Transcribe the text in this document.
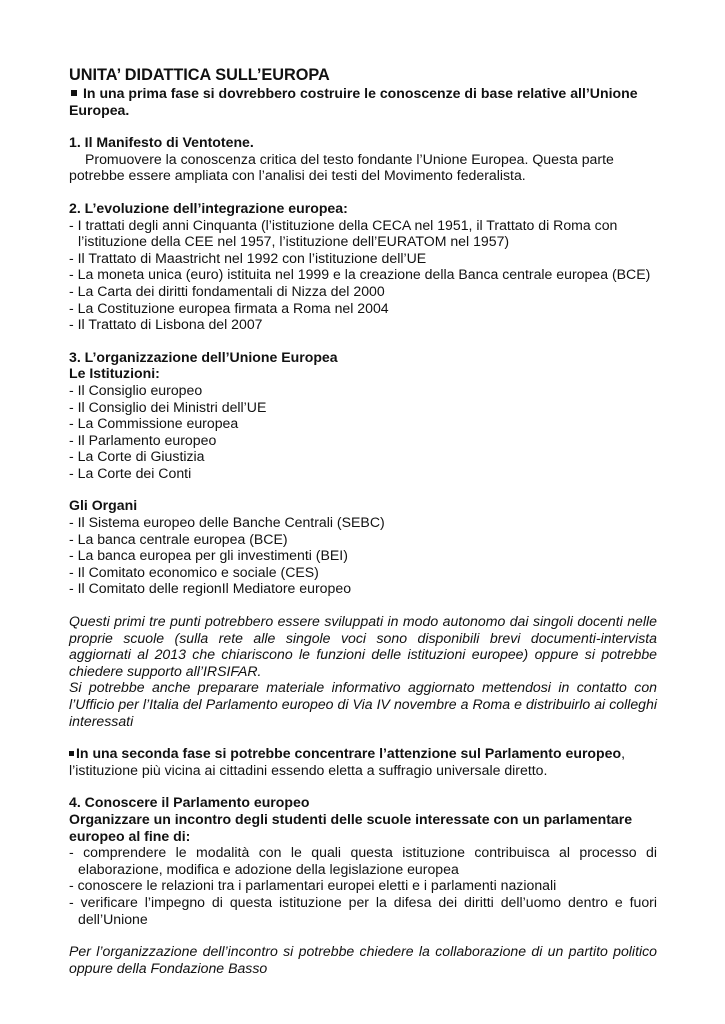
UNITA’ DIDATTICA SULL’EUROPA

In una prima fase si dovrebbero costruire le conoscenze di base relative all’Unione Europea.

1. Il Manifesto di Ventotene.

Promuovere la conoscenza critica del testo fondante l’Unione Europea. Questa parte potrebbe essere ampliata con l’analisi dei testi del Movimento federalista.

2. L’evoluzione dell’integrazione europea:

- I trattati degli anni Cinquanta (l’istituzione della CECA nel 1951, il Trattato di Roma con l’istituzione della CEE nel 1957, l’istituzione dell’EURATOM nel 1957)
- Il Trattato di Maastricht nel 1992 con l’istituzione dell’UE
- La moneta unica (euro) istituita nel 1999 e la creazione della Banca centrale europea (BCE)
- La Carta dei diritti fondamentali di Nizza del 2000
- La Costituzione europea firmata a Roma nel 2004
- Il Trattato di Lisbona del 2007

3. L’organizzazione dell’Unione Europea

Le Istituzioni:

- Il Consiglio europeo
- Il Consiglio dei Ministri dell’UE
- La Commissione europea
- Il Parlamento europeo
- La Corte di Giustizia
- La Corte dei Conti

Gli Organi

- Il Sistema europeo delle Banche Centrali (SEBC)
- La banca centrale europea (BCE)
- La banca europea per gli investimenti (BEI)
- Il Comitato economico e sociale (CES)
- Il Comitato delle regionIl Mediatore europeo

Questi primi tre punti potrebbero essere sviluppati in modo autonomo dai singoli docenti nelle proprie scuole (sulla rete alle singole voci sono disponibili brevi documenti-intervista aggiornati al 2013 che chiariscono le funzioni delle istituzioni europee) oppure si potrebbe chiedere supporto all’IRSIFAR.

Si potrebbe anche preparare materiale informativo aggiornato mettendosi in contatto con l’Ufficio per l’Italia del Parlamento europeo di Via IV novembre a Roma e distribuirlo ai colleghi interessati

In una seconda fase si potrebbe concentrare l’attenzione sul Parlamento europeo, l’istituzione più vicina ai cittadini essendo eletta a suffragio universale diretto.

4. Conoscere il Parlamento europeo

Organizzare un incontro degli studenti delle scuole interessate con un parlamentare europeo al fine di:

- comprendere le modalità con le quali questa istituzione contribuisca al processo di elaborazione, modifica e adozione della legislazione europea
- conoscere le relazioni tra i parlamentari europei eletti e i parlamenti nazionali
- verificare l’impegno di questa istituzione per la difesa dei diritti dell’uomo dentro e fuori dell’Unione

Per l’organizzazione dell’incontro si potrebbe chiedere la collaborazione di un partito politico oppure della Fondazione Basso
